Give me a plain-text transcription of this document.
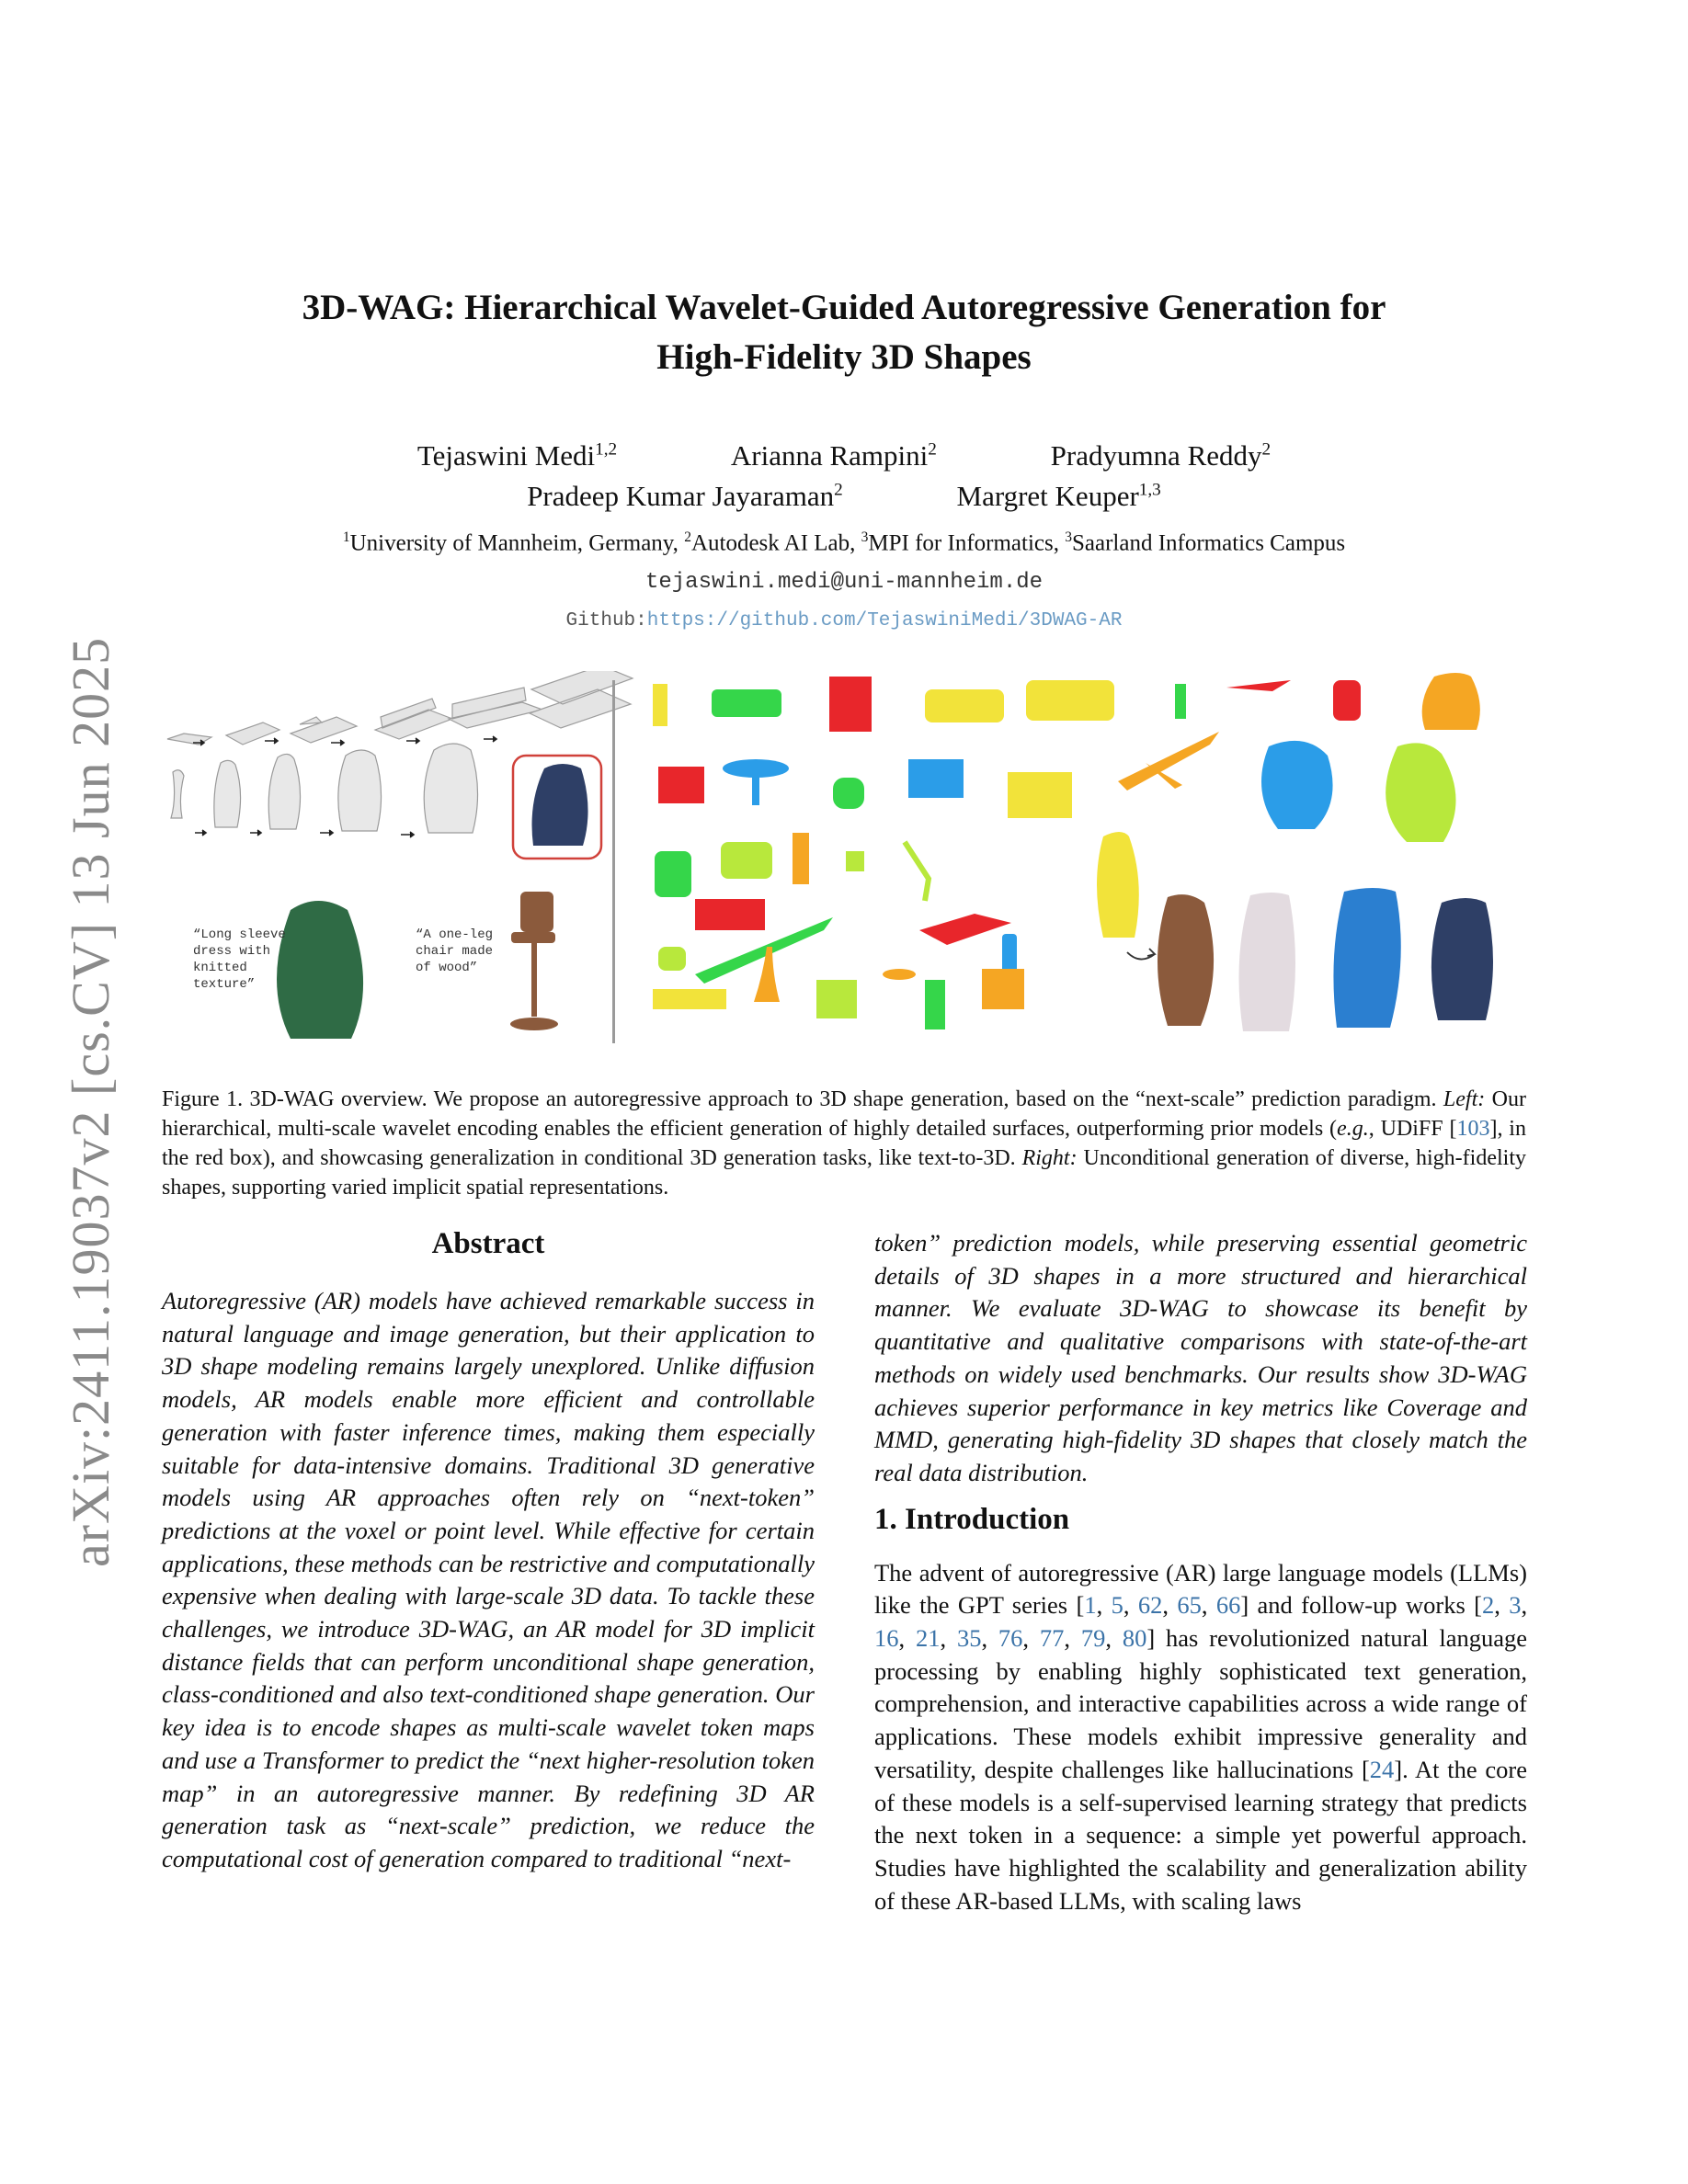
arXiv:2411.19037v2 [cs.CV] 13 Jun 2025
3D-WAG: Hierarchical Wavelet-Guided Autoregressive Generation for
High-Fidelity 3D Shapes
Tejaswini Medi$^{1,2}$	Arianna Rampini$^2$	Pradyumna Reddy$^2$
Pradeep Kumar Jayaraman$^2$	Margret Keuper$^{1,3}$
$^1$University of Mannheim, Germany, $^2$Autodesk AI Lab, $^3$MPI for Informatics, $^3$Saarland Informatics Campus
tejaswini.medi@uni-mannheim.de
Github:https://github.com/TejaswiniMedi/3DWAG-AR
“Long sleeve
dress with
knitted
texture”
“A one-leg
chair made
of wood”
Figure 1. 3D-WAG overview. We propose an autoregressive approach to 3D shape generation, based on the “next-scale” prediction paradigm. Left: Our hierarchical, multi-scale wavelet encoding enables the efficient generation of highly detailed surfaces, outperforming prior models (e.g., UDiFF [103], in the red box), and showcasing generalization in conditional 3D generation tasks, like text-to-3D. Right: Unconditional generation of diverse, high-fidelity shapes, supporting varied implicit spatial representations.
Abstract

Autoregressive (AR) models have achieved remarkable success in natural language and image generation, but their application to 3D shape modeling remains largely unexplored. Unlike diffusion models, AR models enable more efficient and controllable generation with faster inference times, making them especially suitable for data-intensive domains. Traditional 3D generative models using AR approaches often rely on “next-token” predictions at the voxel or point level. While effective for certain applications, these methods can be restrictive and computationally expensive when dealing with large-scale 3D data. To tackle these challenges, we introduce 3D-WAG, an AR model for 3D implicit distance fields that can perform unconditional shape generation, class-conditioned and also text-conditioned shape generation. Our key idea is to encode shapes as multi-scale wavelet token maps and use a Transformer to predict the “next higher-resolution token map” in an autoregressive manner. By redefining 3D AR generation task as “next-scale” prediction, we reduce the computational cost of generation compared to traditional “next-

token” prediction models, while preserving essential geometric details of 3D shapes in a more structured and hierarchical manner. We evaluate 3D-WAG to showcase its benefit by quantitative and qualitative comparisons with state-of-the-art methods on widely used benchmarks. Our results show 3D-WAG achieves superior performance in key metrics like Coverage and MMD, generating high-fidelity 3D shapes that closely match the real data distribution.

1. Introduction

The advent of autoregressive (AR) large language models (LLMs) like the GPT series [1, 5, 62, 65, 66] and follow-up works [2, 3, 16, 21, 35, 76, 77, 79, 80] has revolutionized natural language processing by enabling highly sophisticated text generation, comprehension, and interactive capabilities across a wide range of applications. These models exhibit impressive generality and versatility, despite challenges like hallucinations [24]. At the core of these models is a self-supervised learning strategy that predicts the next token in a sequence: a simple yet powerful approach. Studies have highlighted the scalability and generalization ability of these AR-based LLMs, with scaling laws
